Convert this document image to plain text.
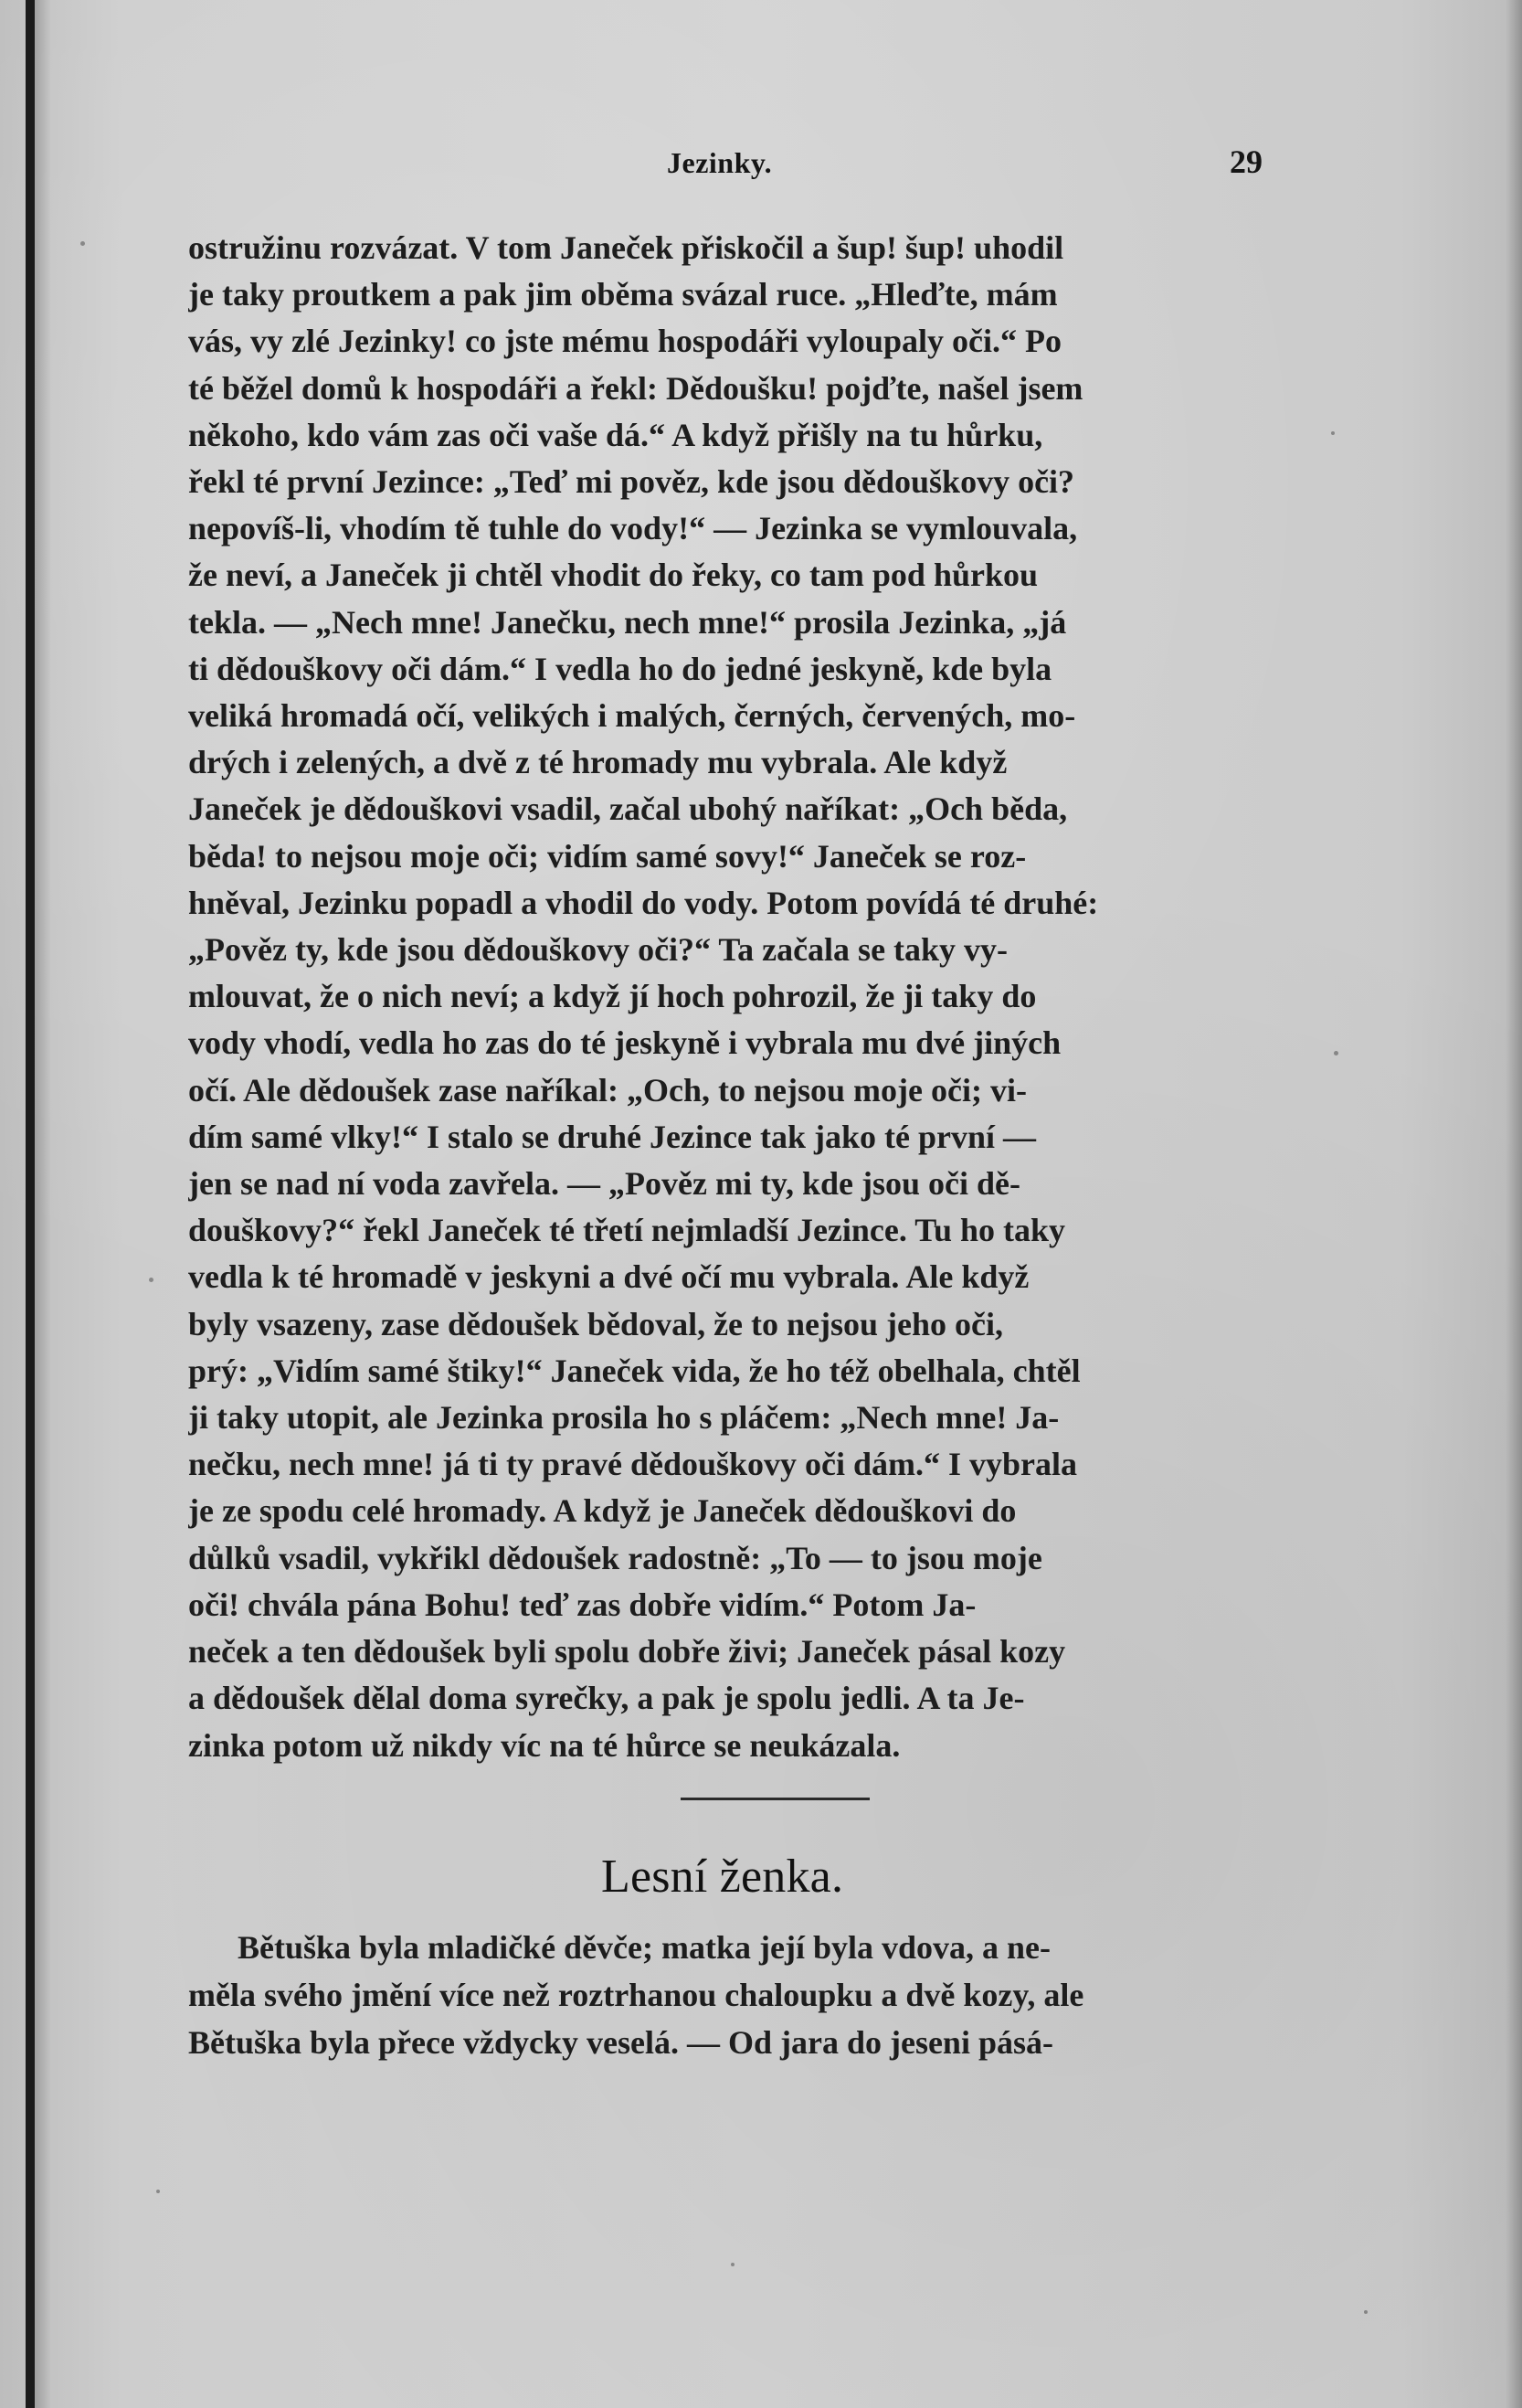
Jezinky.	29
ostružinu rozvázat. V tom Janeček přiskočil a šup! šup! uhodil
je taky proutkem a pak jim oběma svázal ruce. „Hleďte, mám
vás, vy zlé Jezinky! co jste mému hospodáři vyloupaly oči.“ Po
té běžel domů k hospodáři a řekl: Dědoušku! pojďte, našel jsem
někoho, kdo vám zas oči vaše dá.“ A když přišly na tu hůrku,
řekl té první Jezince: „Teď mi pověz, kde jsou dědouškovy oči?
nepovíš-li, vhodím tě tuhle do vody!“ — Jezinka se vymlouvala,
že neví, a Janeček ji chtěl vhodit do řeky, co tam pod hůrkou
tekla. — „Nech mne! Janečku, nech mne!“ prosila Jezinka, „já
ti dědouškovy oči dám.“ I vedla ho do jedné jeskyně, kde byla
veliká hromadá očí, velikých i malých, černých, červených, mo-
drých i zelených, a dvě z té hromady mu vybrala. Ale když
Janeček je dědouškovi vsadil, začal ubohý naříkat: „Och běda,
běda! to nejsou moje oči; vidím samé sovy!“ Janeček se roz-
hněval, Jezinku popadl a vhodil do vody. Potom povídá té druhé:
„Pověz ty, kde jsou dědouškovy oči?“ Ta začala se taky vy-
mlouvat, že o nich neví; a když jí hoch pohrozil, že ji taky do
vody vhodí, vedla ho zas do té jeskyně i vybrala mu dvé jiných
očí. Ale dědoušek zase naříkal: „Och, to nejsou moje oči; vi-
dím samé vlky!“ I stalo se druhé Jezince tak jako té první —
jen se nad ní voda zavřela. — „Pověz mi ty, kde jsou oči dě-
douškovy?“ řekl Janeček té třetí nejmladší Jezince. Tu ho taky
vedla k té hromadě v jeskyni a dvé očí mu vybrala. Ale když
byly vsazeny, zase dědoušek bědoval, že to nejsou jeho oči,
prý: „Vidím samé štiky!“ Janeček vida, že ho též obelhala, chtěl
ji taky utopit, ale Jezinka prosila ho s pláčem: „Nech mne! Ja-
nečku, nech mne! já ti ty pravé dědouškovy oči dám.“ I vybrala
je ze spodu celé hromady. A když je Janeček dědouškovi do
důlků vsadil, vykřikl dědoušek radostně: „To — to jsou moje
oči! chvála pána Bohu! teď zas dobře vidím.“ Potom Ja-
neček a ten dědoušek byli spolu dobře živi; Janeček pásal kozy
a dědoušek dělal doma syrečky, a pak je spolu jedli. A ta Je-
zinka potom už nikdy víc na té hůrce se neukázala.
Lesní ženka.
Bětuška byla mladičké děvče; matka její byla vdova, a ne-
měla svého jmění více než roztrhanou chaloupku a dvě kozy, ale
Bětuška byla přece vždycky veselá. — Od jara do jeseni pásá-
